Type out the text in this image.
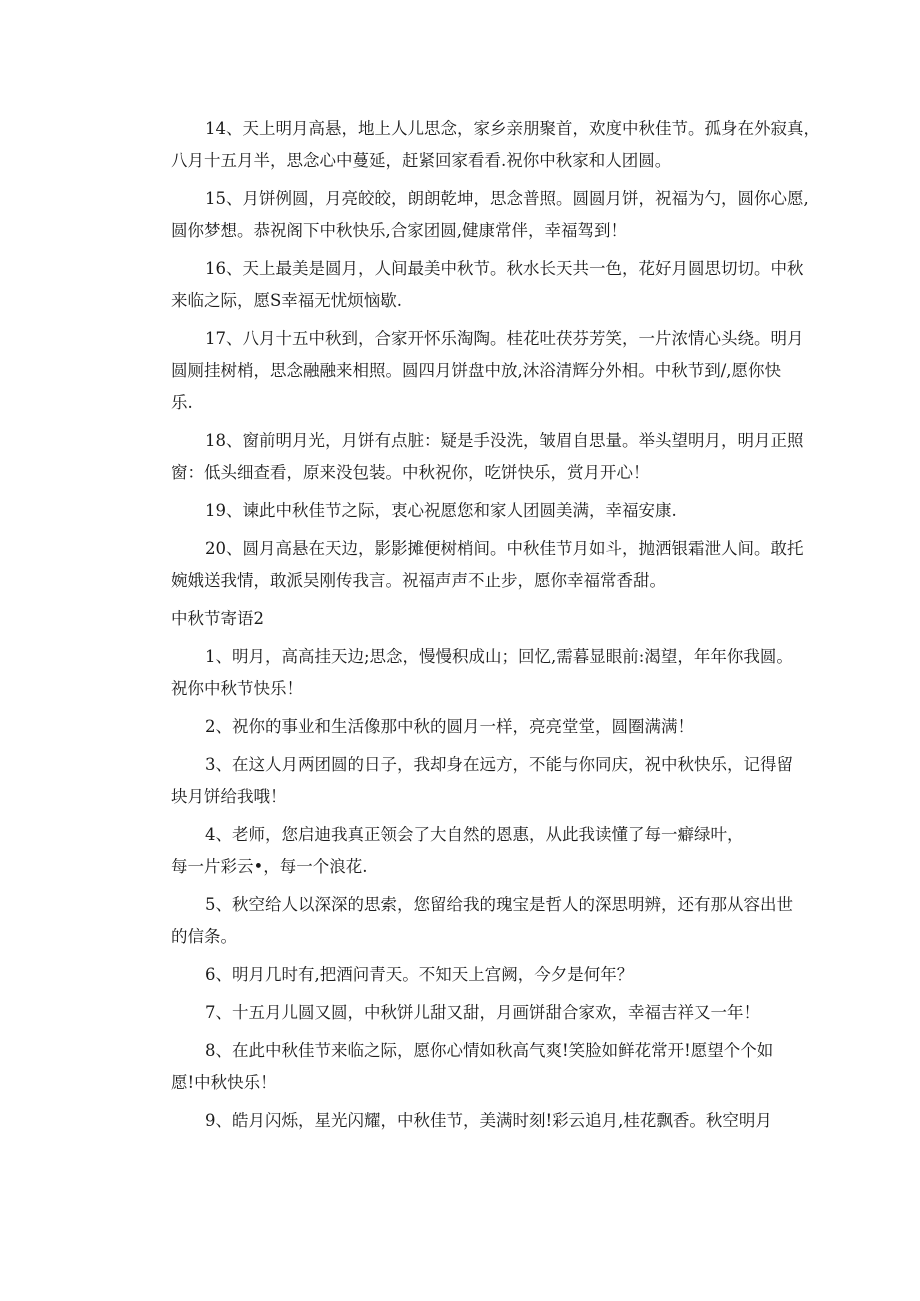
14、天上明月高悬，地上人儿思念，家乡亲朋聚首，欢度中秋佳节。孤身在外寂真，
八月十五月半，思念心中蔓延，赶紧回家看看.祝你中秋家和人团圆。
15、月饼例圆，月亮皎皎，朗朗乾坤，思念普照。圆圆月饼，祝福为勺，圆你心愿,
圆你梦想。恭祝阁下中秋快乐,合家团圆,健康常伴，幸福驾到！
16、天上最美是圆月，人间最美中秋节。秋水长天共一色，花好月圆思切切。中秋
来临之际，愿S幸福无忧烦恼歇.
17、八月十五中秋到，合家开怀乐淘陶。桂花吐茯芬芳笑，一片浓情心头绕。明月
圆厕挂树梢，思念融融来相照。圆四月饼盘中放,沐浴清辉分外相。中秋节到/,愿你快
乐.
18、窗前明月光，月饼有点脏：疑是手没洗，皱眉自思量。举头望明月，明月正照
窗：低头细查看，原来没包装。中秋祝你，吃饼快乐，赏月开心！
19、谏此中秋佳节之际，衷心祝愿您和家人团圆美满，幸福安康.
20、圆月高悬在天边，影影摊便树梢间。中秋佳节月如斗，抛洒银霜泄人间。敢托
婉娥送我情，敢派吴刚传我言。祝福声声不止步，愿你幸福常香甜。
中秋节寄语2
1、明月，高高挂天边;思念，慢慢积成山；回忆,需暮显眼前:渴望，年年你我圆。
祝你中秋节快乐！
2、祝你的事业和生活像那中秋的圆月一样，亮亮堂堂，圆圈满满！
3、在这人月两团圆的日子，我却身在远方，不能与你同庆，祝中秋快乐，记得留
块月饼给我哦！
4、老师，您启迪我真正领会了大自然的恩惠，从此我读懂了每一癖绿叶，
每一片彩云•，每一个浪花.
5、秋空给人以深深的思索，您留给我的瑰宝是哲人的深思明辨，还有那从容出世
的信条。
6、明月几时有,把酒问青天。不知天上宫阙，今夕是何年？
7、十五月儿圆又圆，中秋饼儿甜又甜，月画饼甜合家欢，幸福吉祥又一年！
8、在此中秋佳节来临之际，愿你心情如秋高气爽!笑脸如鲜花常开!愿望个个如
愿!中秋快乐！
9、皓月闪烁，星光闪耀，中秋佳节，美满时刻!彩云追月,桂花飘香。秋空明月
